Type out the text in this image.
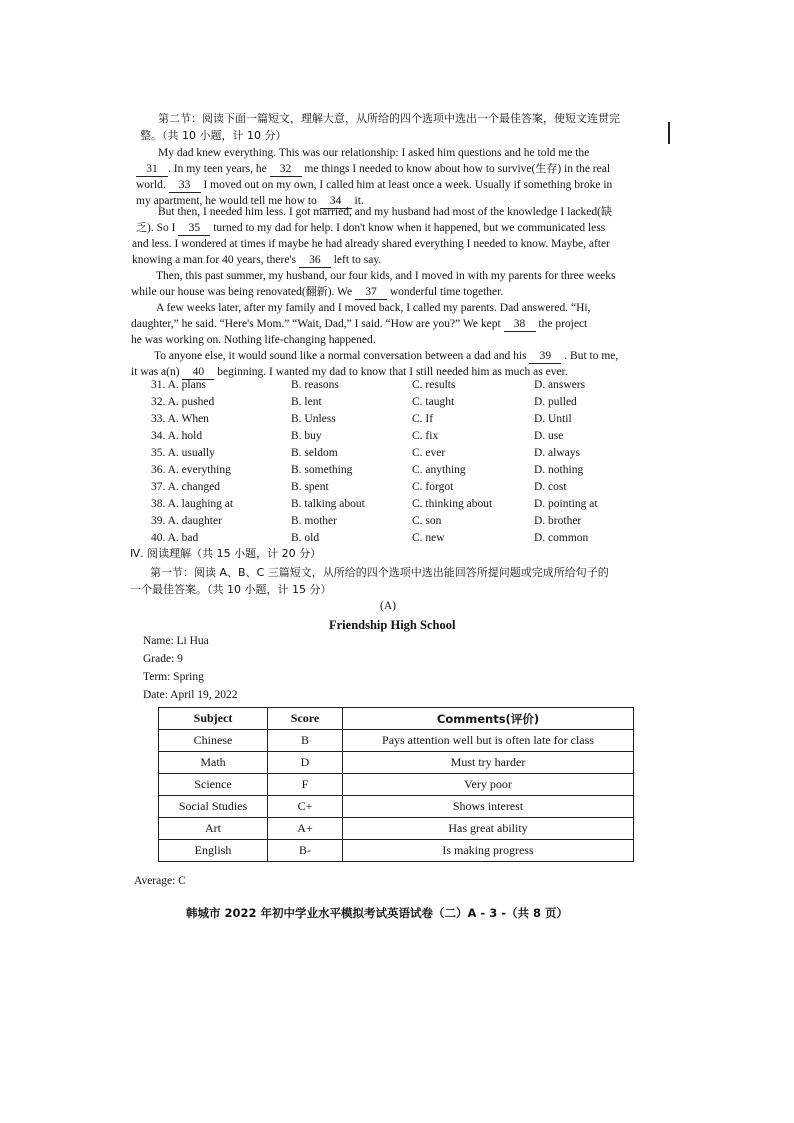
第二节：阅读下面一篇短文，理解大意，从所给的四个选项中选出一个最佳答案，使短文连贯完
整。（共 10 小题，计 10 分）
My dad knew everything. This was our relationship: I asked him questions and he told me the
31 . In my teen years, he 32 me things I needed to know about how to survive(生存) in the real
world. 33 I moved out on my own, I called him at least once a week. Usually if something broke in
my apartment, he would tell me how to 34 it.
But then, I needed him less. I got married, and my husband had most of the knowledge I lacked(缺
乏). So I 35 turned to my dad for help. I don't know when it happened, but we communicated less
and less. I wondered at times if maybe he had already shared everything I needed to know. Maybe, after
knowing a man for 40 years, there's 36 left to say.
Then, this past summer, my husband, our four kids, and I moved in with my parents for three weeks
while our house was being renovated(翻新). We 37 wonderful time together.
A few weeks later, after my family and I moved back, I called my parents. Dad answered. “Hi,
daughter,” he said. “Here's Mom.” “Wait, Dad,” I said. “How are you?” We kept 38 the project
he was working on. Nothing life-changing happened.
To anyone else, it would sound like a normal conversation between a dad and his 39 . But to me,
it was a(n) 40 beginning. I wanted my dad to know that I still needed him as much as ever.
31. A. plans	B. reasons	C. results	D. answers
32. A. pushed	B. lent	C. taught	D. pulled
33. A. When	B. Unless	C. If	D. Until
34. A. hold	B. buy	C. fix	D. use
35. A. usually	B. seldom	C. ever	D. always
36. A. everything	B. something	C. anything	D. nothing
37. A. changed	B. spent	C. forgot	D. cost
38. A. laughing at	B. talking about	C. thinking about	D. pointing at
39. A. daughter	B. mother	C. son	D. brother
40. A. bad	B. old	C. new	D. common
Ⅳ. 阅读理解（共 15 小题，计 20 分）
第一节：阅读 A、B、C 三篇短文，从所给的四个选项中选出能回答所提问题或完成所给句子的
一个最佳答案。（共 10 小题，计 15 分）
(A)
Friendship High School
Name: Li Hua
Grade: 9
Term: Spring
Date: April 19, 2022
Subject	Score	Comments(评价)
Chinese	B	Pays attention well but is often late for class
Math	D	Must try harder
Science	F	Very poor
Social Studies	C+	Shows interest
Art	A+	Has great ability
English	B-	Is making progress
Average: C
韩城市 2022 年初中学业水平模拟考试英语试卷（二）A - 3 -（共 8 页）
